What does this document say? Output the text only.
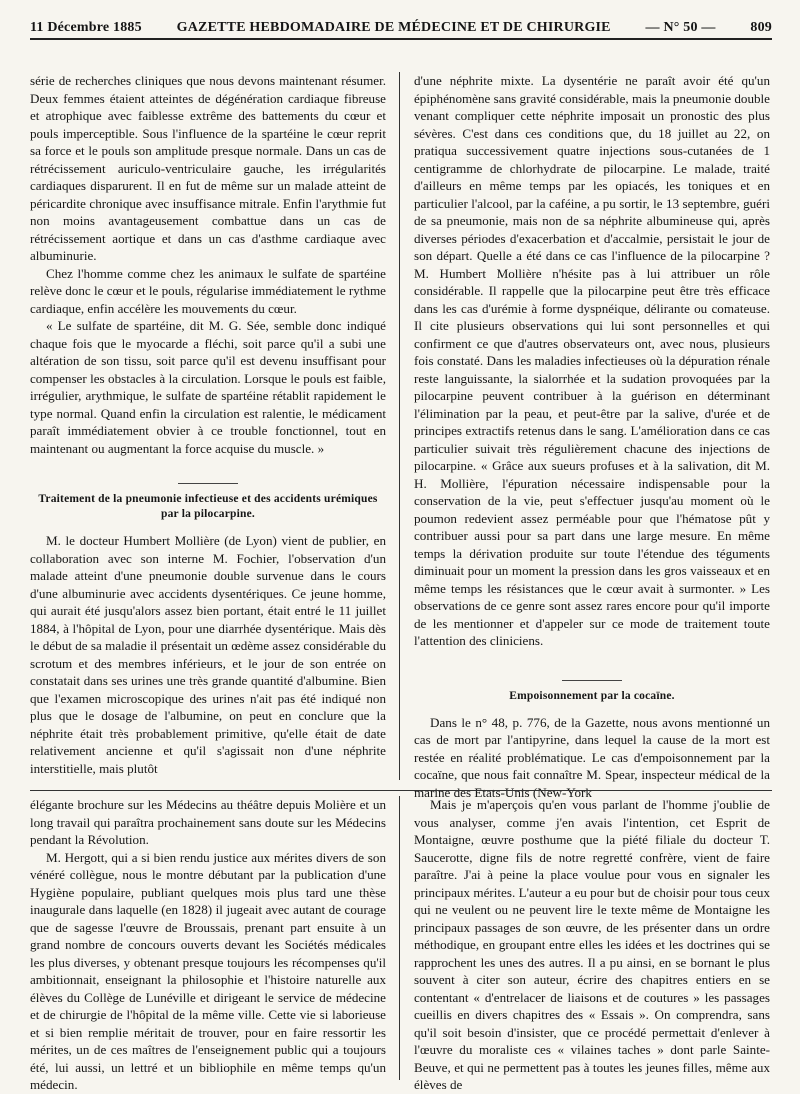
11 Décembre 1885 GAZETTE HEBDOMADAIRE DE MÉDECINE ET DE CHIRURGIE — N° 50 — 809

série de recherches cliniques que nous devons maintenant résumer. Deux femmes étaient atteintes de dégénération cardiaque fibreuse et atrophique avec faiblesse extrême des battements du cœur et pouls imperceptible. Sous l'influence de la spartéine le cœur reprit sa force et le pouls son amplitude presque normale. Dans un cas de rétrécissement auriculo-ventriculaire gauche, les irrégularités cardiaques disparurent. Il en fut de même sur un malade atteint de péricardite chronique avec insuffisance mitrale. Enfin l'arythmie fut non moins avantageusement combattue dans un cas de rétrécissement aortique et dans un cas d'asthme cardiaque avec albuminurie.

Chez l'homme comme chez les animaux le sulfate de spartéine relève donc le cœur et le pouls, régularise immédiatement le rythme cardiaque, enfin accélère les mouvements du cœur.

« Le sulfate de spartéine, dit M. G. Sée, semble donc indiqué chaque fois que le myocarde a fléchi, soit parce qu'il a subi une altération de son tissu, soit parce qu'il est devenu insuffisant pour compenser les obstacles à la circulation. Lorsque le pouls est faible, irrégulier, arythmique, le sulfate de spartéine rétablit rapidement le type normal. Quand enfin la circulation est ralentie, le médicament paraît immédiatement obvier à ce trouble fonctionnel, tout en maintenant ou augmentant la force acquise du muscle. »

Traitement de la pneumonie infectieuse et des accidents urémiques par la pilocarpine.

M. le docteur Humbert Mollière (de Lyon) vient de publier, en collaboration avec son interne M. Fochier, l'observation d'un malade atteint d'une pneumonie double survenue dans le cours d'une albuminurie avec accidents dysentériques. Ce jeune homme, qui aurait été jusqu'alors assez bien portant, était entré le 11 juillet 1884, à l'hôpital de Lyon, pour une diarrhée dysentérique. Mais dès le début de sa maladie il présentait un œdème assez considérable du scrotum et des membres inférieurs, et le jour de son entrée on constatait dans ses urines une très grande quantité d'albumine. Bien que l'examen microscopique des urines n'ait pas été indiqué non plus que le dosage de l'albumine, on peut en conclure que la néphrite était très probablement primitive, qu'elle était de date relativement ancienne et qu'il s'agissait non d'une néphrite interstitielle, mais plutôt

d'une néphrite mixte. La dysentérie ne paraît avoir été qu'un épiphénomène sans gravité considérable, mais la pneumonie double venant compliquer cette néphrite imposait un pronostic des plus sévères. C'est dans ces conditions que, du 18 juillet au 22, on pratiqua successivement quatre injections sous-cutanées de 1 centigramme de chlorhydrate de pilocarpine. Le malade, traité d'ailleurs en même temps par les opiacés, les toniques et en particulier l'alcool, par la caféine, a pu sortir, le 13 septembre, guéri de sa pneumonie, mais non de sa néphrite albumineuse qui, après diverses périodes d'exacerbation et d'accalmie, persistait le jour de son départ. Quelle a été dans ce cas l'influence de la pilocarpine ? M. Humbert Mollière n'hésite pas à lui attribuer un rôle considérable. Il rappelle que la pilocarpine peut être très efficace dans les cas d'urémie à forme dyspnéique, délirante ou comateuse. Il cite plusieurs observations qui lui sont personnelles et qui confirment ce que d'autres observateurs ont, avec nous, plusieurs fois constaté. Dans les maladies infectieuses où la dépuration rénale reste languissante, la sialorrhée et la sudation provoquées par la pilocarpine peuvent contribuer à la guérison en déterminant l'élimination par la peau, et peut-être par la salive, d'urée et de principes extractifs retenus dans le sang. L'amélioration dans ce cas particulier suivait très régulièrement chacune des injections de pilocarpine. « Grâce aux sueurs profuses et à la salivation, dit M. H. Mollière, l'épuration nécessaire indispensable pour la conservation de la vie, peut s'effectuer jusqu'au moment où le poumon redevient assez perméable pour que l'hématose pût y contribuer aussi pour sa part dans une large mesure. En même temps la dérivation produite sur toute l'étendue des téguments diminuait pour un moment la pression dans les gros vaisseaux et en même temps les résistances que le cœur avait à surmonter. » Les observations de ce genre sont assez rares encore pour qu'il importe de les mentionner et d'appeler sur ce mode de traitement toute l'attention des cliniciens.

Empoisonnement par la cocaïne.

Dans le n° 48, p. 776, de la Gazette, nous avons mentionné un cas de mort par l'antipyrine, dans lequel la cause de la mort est restée en réalité problématique. Le cas d'empoisonnement par la cocaïne, que nous fait connaître M. Spear, inspecteur médical de la marine des Etats-Unis (New-York

élégante brochure sur les Médecins au théâtre depuis Molière et un long travail qui paraîtra prochainement sans doute sur les Médecins pendant la Révolution.

M. Hergott, qui a si bien rendu justice aux mérites divers de son vénéré collègue, nous le montre débutant par la publication d'une Hygiène populaire, publiant quelques mois plus tard une thèse inaugurale dans laquelle (en 1828) il jugeait avec autant de courage que de sagesse l'œuvre de Broussais, prenant part ensuite à un grand nombre de concours ouverts devant les Sociétés médicales les plus diverses, y obtenant presque toujours les récompenses qu'il ambitionnait, enseignant la philosophie et l'histoire naturelle aux élèves du Collège de Lunéville et dirigeant le service de médecine et de chirurgie de l'hôpital de la même ville. Cette vie si laborieuse et si bien remplie méritait de trouver, pour en faire ressortir les mérites, un de ces maîtres de l'enseignement public qui a toujours été, lui aussi, un lettré et un bibliophile en même temps qu'un médecin.

Mais je m'aperçois qu'en vous parlant de l'homme j'oublie de vous analyser, comme j'en avais l'intention, cet Esprit de Montaigne, œuvre posthume que la piété filiale du docteur T. Saucerotte, digne fils de notre regretté confrère, vient de faire paraître. J'ai à peine la place voulue pour vous en signaler les principaux mérites. L'auteur a eu pour but de choisir pour tous ceux qui ne veulent ou ne peuvent lire le texte même de Montaigne les principaux passages de son œuvre, de les présenter dans un ordre méthodique, en groupant entre elles les idées et les doctrines qui se rapprochent les unes des autres. Il a pu ainsi, en se bornant le plus souvent à citer son auteur, écrire des chapitres entiers en se contentant « d'entrelacer de liaisons et de coutures » les passages cueillis en divers chapitres des « Essais ». On comprendra, sans qu'il soit besoin d'insister, que ce procédé permettait d'enlever à l'œuvre du moraliste ces « vilaines taches » dont parle Sainte-Beuve, et qui ne permettent pas à toutes les jeunes filles, même aux élèves de
